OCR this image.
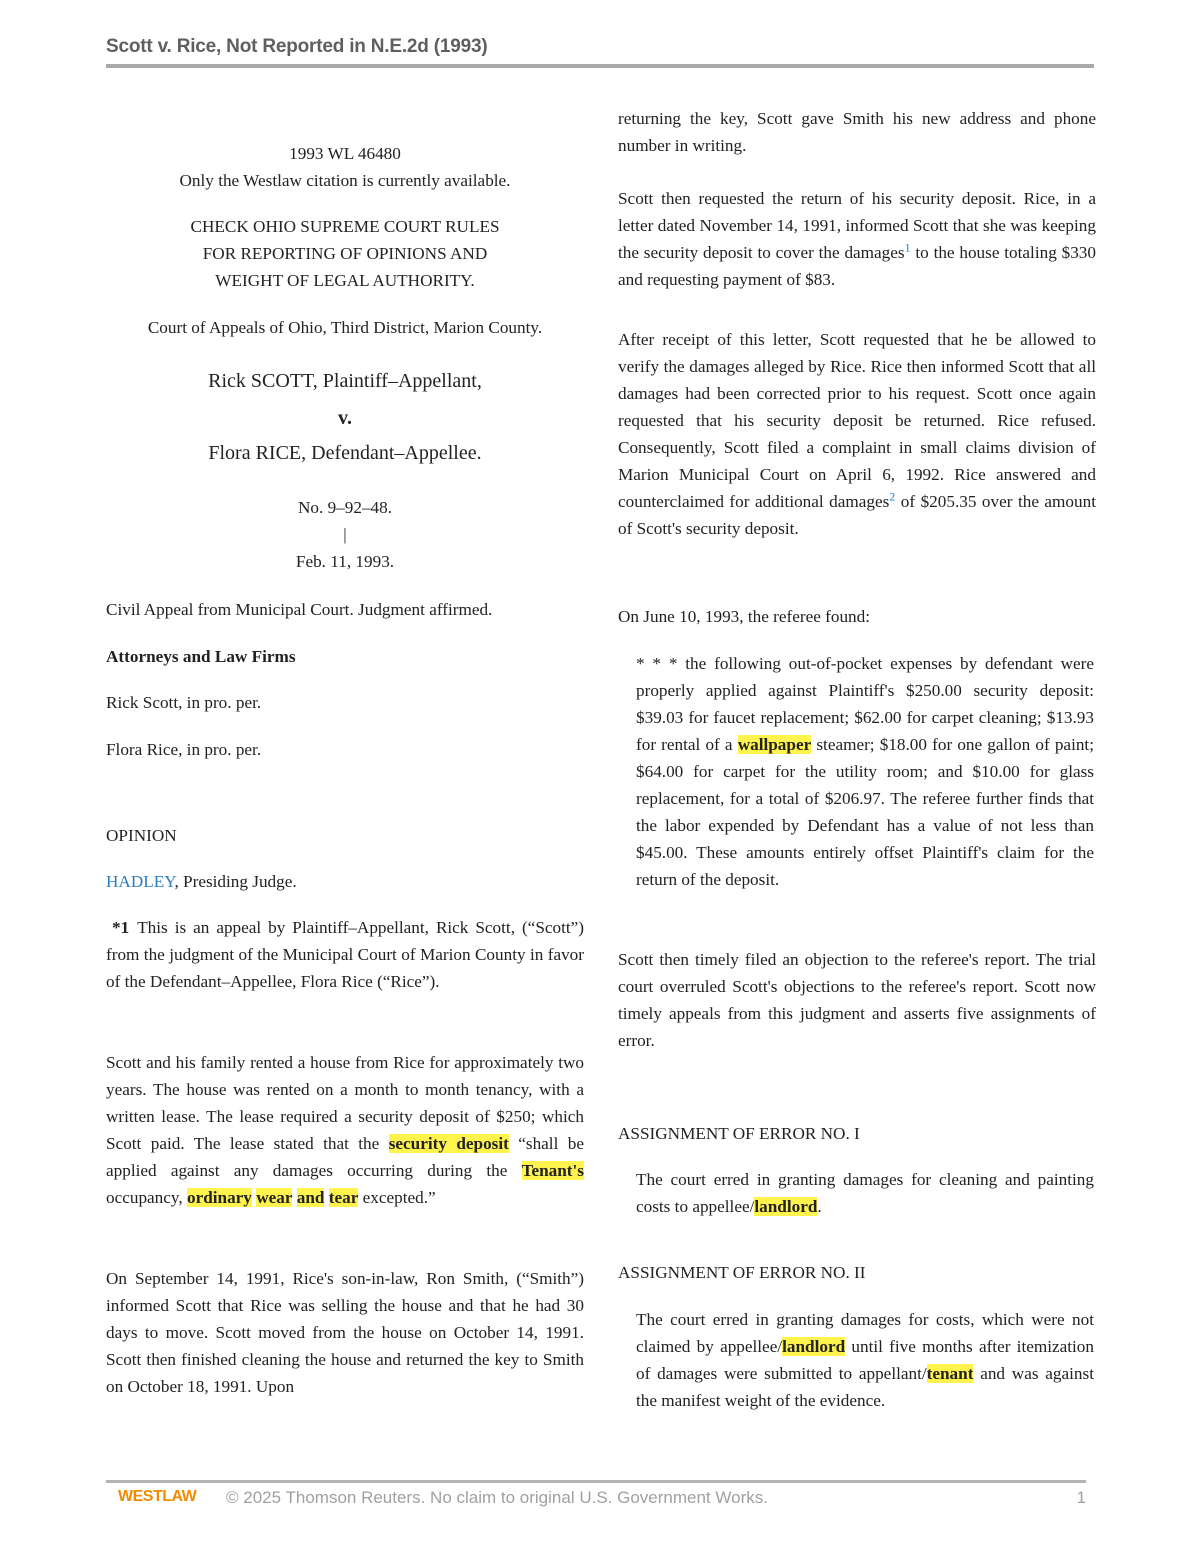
Scott v. Rice, Not Reported in N.E.2d (1993)
1993 WL 46480
Only the Westlaw citation is currently available.
CHECK OHIO SUPREME COURT RULES
FOR REPORTING OF OPINIONS AND
WEIGHT OF LEGAL AUTHORITY.
Court of Appeals of Ohio, Third District, Marion County.
Rick SCOTT, Plaintiff–Appellant,
v.
Flora RICE, Defendant–Appellee.
No. 9–92–48.
|
Feb. 11, 1993.
Civil Appeal from Municipal Court. Judgment affirmed.
Attorneys and Law Firms
Rick Scott, in pro. per.
Flora Rice, in pro. per.
OPINION
HADLEY, Presiding Judge.

*1 This is an appeal by Plaintiff–Appellant, Rick Scott, (“Scott”) from the judgment of the Municipal Court of Marion County in favor of the Defendant–Appellee, Flora Rice (“Rice”).

Scott and his family rented a house from Rice for approximately two years. The house was rented on a month to month tenancy, with a written lease. The lease required a security deposit of $250; which Scott paid. The lease stated that the security deposit “shall be applied against any damages occurring during the Tenant's occupancy, ordinary wear and tear excepted.”

On September 14, 1991, Rice's son-in-law, Ron Smith, (“Smith”) informed Scott that Rice was selling the house and that he had 30 days to move. Scott moved from the house on October 14, 1991. Scott then finished cleaning the house and returned the key to Smith on October 18, 1991. Upon

returning the key, Scott gave Smith his new address and phone number in writing.

Scott then requested the return of his security deposit. Rice, in a letter dated November 14, 1991, informed Scott that she was keeping the security deposit to cover the damages$^1$ to the house totaling $330 and requesting payment of $83.

After receipt of this letter, Scott requested that he be allowed to verify the damages alleged by Rice. Rice then informed Scott that all damages had been corrected prior to his request. Scott once again requested that his security deposit be returned. Rice refused. Consequently, Scott filed a complaint in small claims division of Marion Municipal Court on April 6, 1992. Rice answered and counterclaimed for additional damages$^2$ of $205.35 over the amount of Scott's security deposit.

On June 10, 1993, the referee found:

* * * the following out-of-pocket expenses by defendant were properly applied against Plaintiff's $250.00 security deposit: $39.03 for faucet replacement; $62.00 for carpet cleaning; $13.93 for rental of a wallpaper steamer; $18.00 for one gallon of paint; $64.00 for carpet for the utility room; and $10.00 for glass replacement, for a total of $206.97. The referee further finds that the labor expended by Defendant has a value of not less than $45.00. These amounts entirely offset Plaintiff's claim for the return of the deposit.

Scott then timely filed an objection to the referee's report. The trial court overruled Scott's objections to the referee's report. Scott now timely appeals from this judgment and asserts five assignments of error.

ASSIGNMENT OF ERROR NO. I

The court erred in granting damages for cleaning and painting costs to appellee/landlord.

ASSIGNMENT OF ERROR NO. II

The court erred in granting damages for costs, which were not claimed by appellee/landlord until five months after itemization of damages were submitted to appellant/tenant and was against the manifest weight of the evidence.

WESTLAW © 2025 Thomson Reuters. No claim to original U.S. Government Works.	1
